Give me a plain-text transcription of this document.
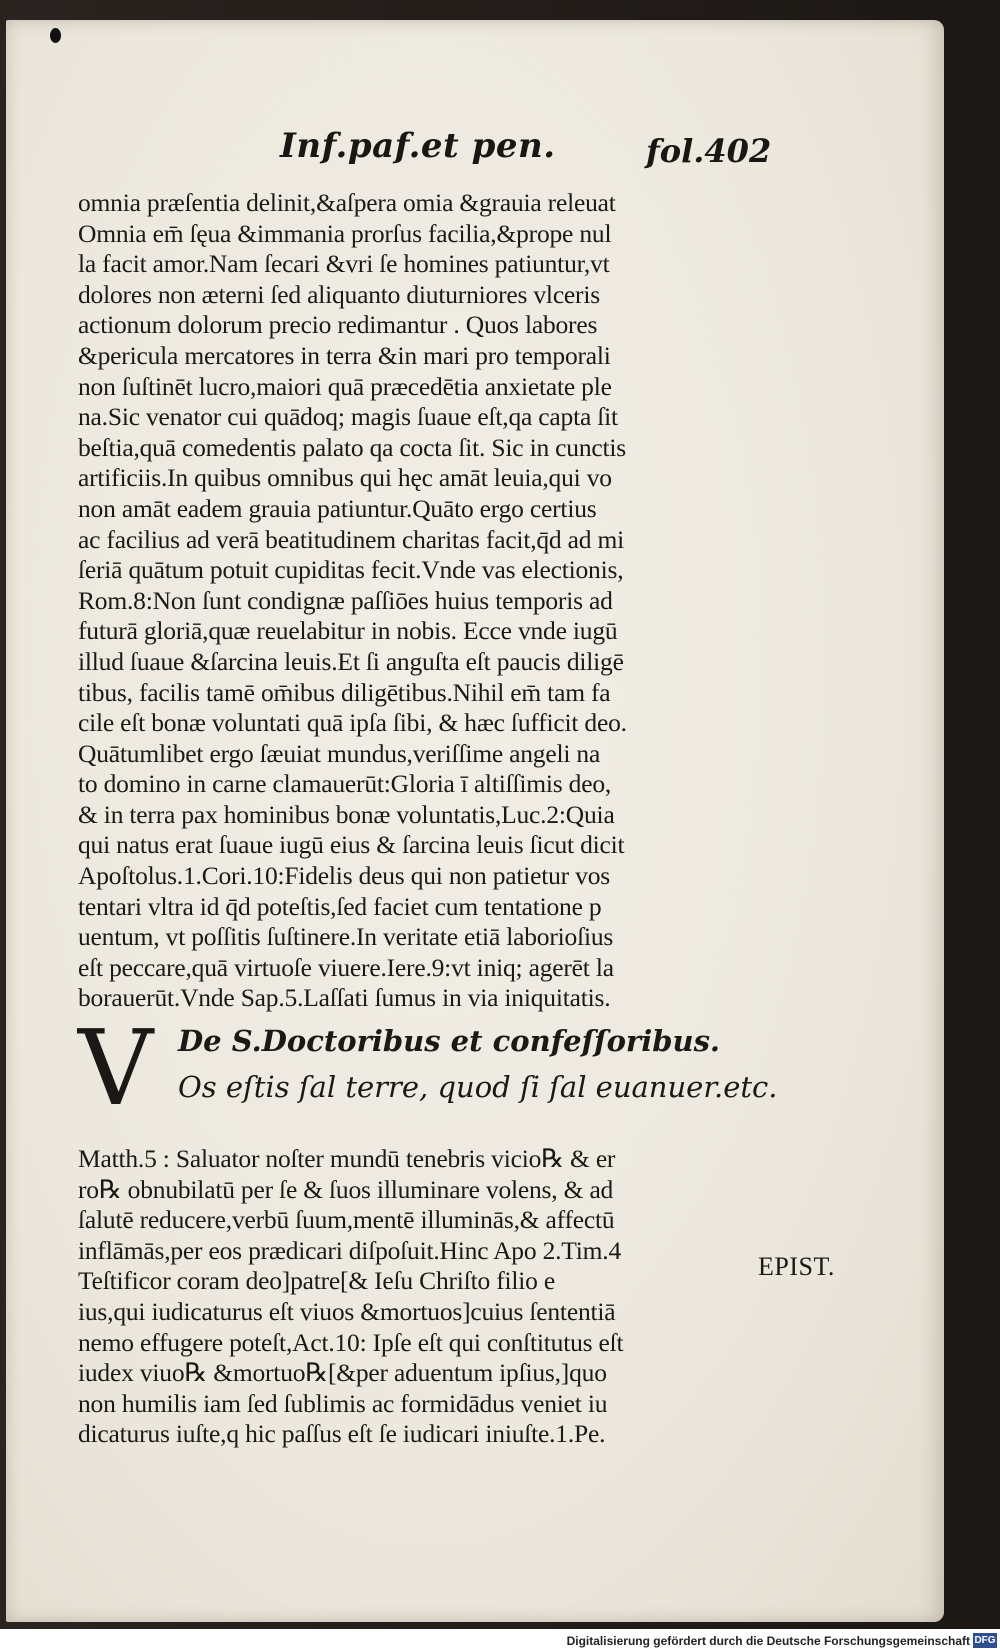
Inf.paf.et pen.	fol.402
omnia præſentia delinit,&aſpera omia &grauia releuat
Omnia em̄ ſęua &immania prorſus facilia,&prope nul
la facit amor.Nam ſecari &vri ſe homines patiuntur,vt
dolores non æterni ſed aliquanto diuturniores vlceris
actionum dolorum precio redimantur . Quos labores
&pericula mercatores in terra &in mari pro temporali
non ſuſtinēt lucro,maiori quā præcedētia anxietate ple
na.Sic venator cui quādoq; magis ſuaue eſt,qa capta ſit
beſtia,quā comedentis palato qa cocta ſit. Sic in cunctis
artificiis.In quibus omnibus qui hęc amāt leuia,qui vo
non amāt eadem grauia patiuntur.Quāto ergo certius
ac facilius ad verā beatitudinem charitas facit,q̄d ad mi
ſeriā quātum potuit cupiditas fecit.Vnde vas electionis,
Rom.8:Non ſunt condignæ paſſiōes huius temporis ad
futurā gloriā,quæ reuelabitur in nobis. Ecce vnde iugū
illud ſuaue &ſarcina leuis.Et ſi anguſta eſt paucis diligē
tibus, facilis tamē om̄ibus diligētibus.Nihil em̄ tam fa
cile eſt bonæ voluntati quā ipſa ſibi, & hæc ſufficit deo.
Quātumlibet ergo ſæuiat mundus,veriſſime angeli na
to domino in carne clamauerūt:Gloria ī altiſſimis deo,
& in terra pax hominibus bonæ voluntatis,Luc.2:Quia
qui natus erat ſuaue iugū eius & ſarcina leuis ſicut dicit
Apoſtolus.1.Cori.10:Fidelis deus qui non patietur vos
tentari vltra id q̄d poteſtis,ſed faciet cum tentatione p
uentum, vt poſſitis ſuſtinere.In veritate etiā laborioſius
eſt peccare,quā virtuoſe viuere.Iere.9:vt iniq; agerēt la
borauerūt.Vnde Sap.5.Laſſati ſumus in via iniquitatis.
V De S.Doctoribus et confeſſoribus.
Os eſtis ſal terre, quod ſi ſal euanuer.etc.
Matth.5 : Saluator noſter mundū tenebris vicio℞ & er
ro℞ obnubilatū per ſe & ſuos illuminare volens, & ad
ſalutē reducere,verbū ſuum,mentē illuminās,& affectū
inflāmās,per eos prædicari diſpoſuit.Hinc Apo 2.Tim.4
Teſtificor coram deo]patre[& Ieſu Chriſto filio e
ius,qui iudicaturus eſt viuos &mortuos]cuius ſententiā
nemo effugere poteſt,Act.10: Ipſe eſt qui conſtitutus eſt
iudex viuo℞ &mortuo℞[&per aduentum ipſius,]quo
non humilis iam ſed ſublimis ac formidādus veniet iu
dicaturus iuſte,q hic paſſus eſt ſe iudicari iniuſte.1.Pe.
EPIST.
Digitalisierung gefördert durch die Deutsche Forschungsgemeinschaft DFG
